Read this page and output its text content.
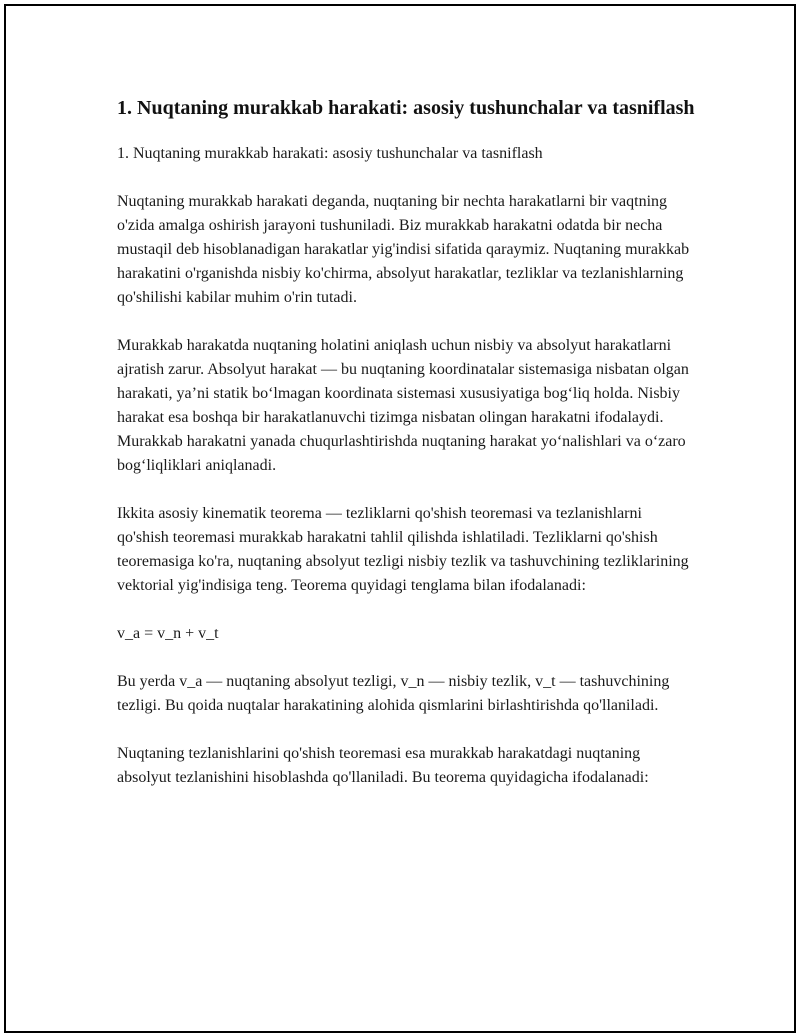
1. Nuqtaning murakkab harakati: asosiy tushunchalar va tasniflash

1. Nuqtaning murakkab harakati: asosiy tushunchalar va tasniflash

Nuqtaning murakkab harakati deganda, nuqtaning bir nechta harakatlarni bir vaqtning o'zida amalga oshirish jarayoni tushuniladi. Biz murakkab harakatni odatda bir necha mustaqil deb hisoblanadigan harakatlar yig'indisi sifatida qaraymiz. Nuqtaning murakkab harakatini o'rganishda nisbiy ko'chirma, absolyut harakatlar, tezliklar va tezlanishlarning qo'shilishi kabilar muhim o'rin tutadi.

Murakkab harakatda nuqtaning holatini aniqlash uchun nisbiy va absolyut harakatlarni ajratish zarur. Absolyut harakat — bu nuqtaning koordinatalar sistemasiga nisbatan olgan harakati, ya’ni statik bo‘lmagan koordinata sistemasi xususiyatiga bog‘liq holda. Nisbiy harakat esa boshqa bir harakatlanuvchi tizimga nisbatan olingan harakatni ifodalaydi. Murakkab harakatni yanada chuqurlashtirishda nuqtaning harakat yo‘nalishlari va o‘zaro bog‘liqliklari aniqlanadi.

Ikkita asosiy kinematik teorema — tezliklarni qo'shish teoremasi va tezlanishlarni qo'shish teoremasi murakkab harakatni tahlil qilishda ishlatiladi. Tezliklarni qo'shish teoremasiga ko'ra, nuqtaning absolyut tezligi nisbiy tezlik va tashuvchining tezliklarining vektorial yig'indisiga teng. Teorema quyidagi tenglama bilan ifodalanadi:

v_a = v_n + v_t

Bu yerda v_a — nuqtaning absolyut tezligi, v_n — nisbiy tezlik, v_t — tashuvchining tezligi. Bu qoida nuqtalar harakatining alohida qismlarini birlashtirishda qo'llaniladi.

Nuqtaning tezlanishlarini qo'shish teoremasi esa murakkab harakatdagi nuqtaning absolyut tezlanishini hisoblashda qo'llaniladi. Bu teorema quyidagicha ifodalanadi:
